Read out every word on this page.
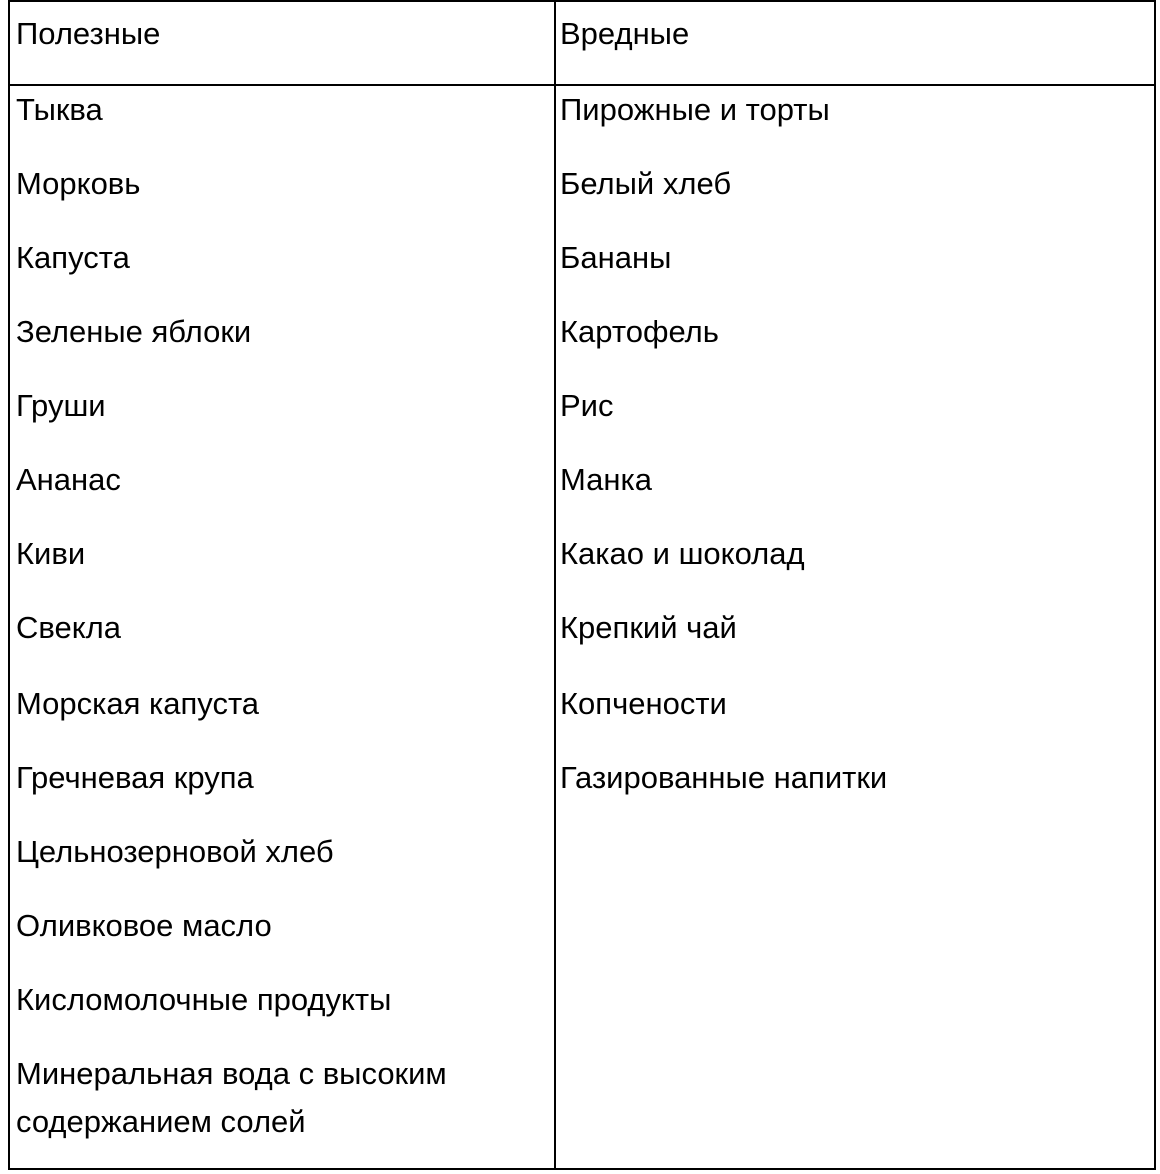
Полезные	Вредные
Тыква
Морковь
Капуста
Зеленые яблоки
Груши
Ананас
Киви
Свекла
Морская капуста
Гречневая крупа
Цельнозерновой хлеб
Оливковое масло
Кисломолочные продукты
Минеральная вода с высоким содержанием солей
Пирожные и торты
Белый хлеб
Бананы
Картофель
Рис
Манка
Какао и шоколад
Крепкий чай
Копчености
Газированные напитки
